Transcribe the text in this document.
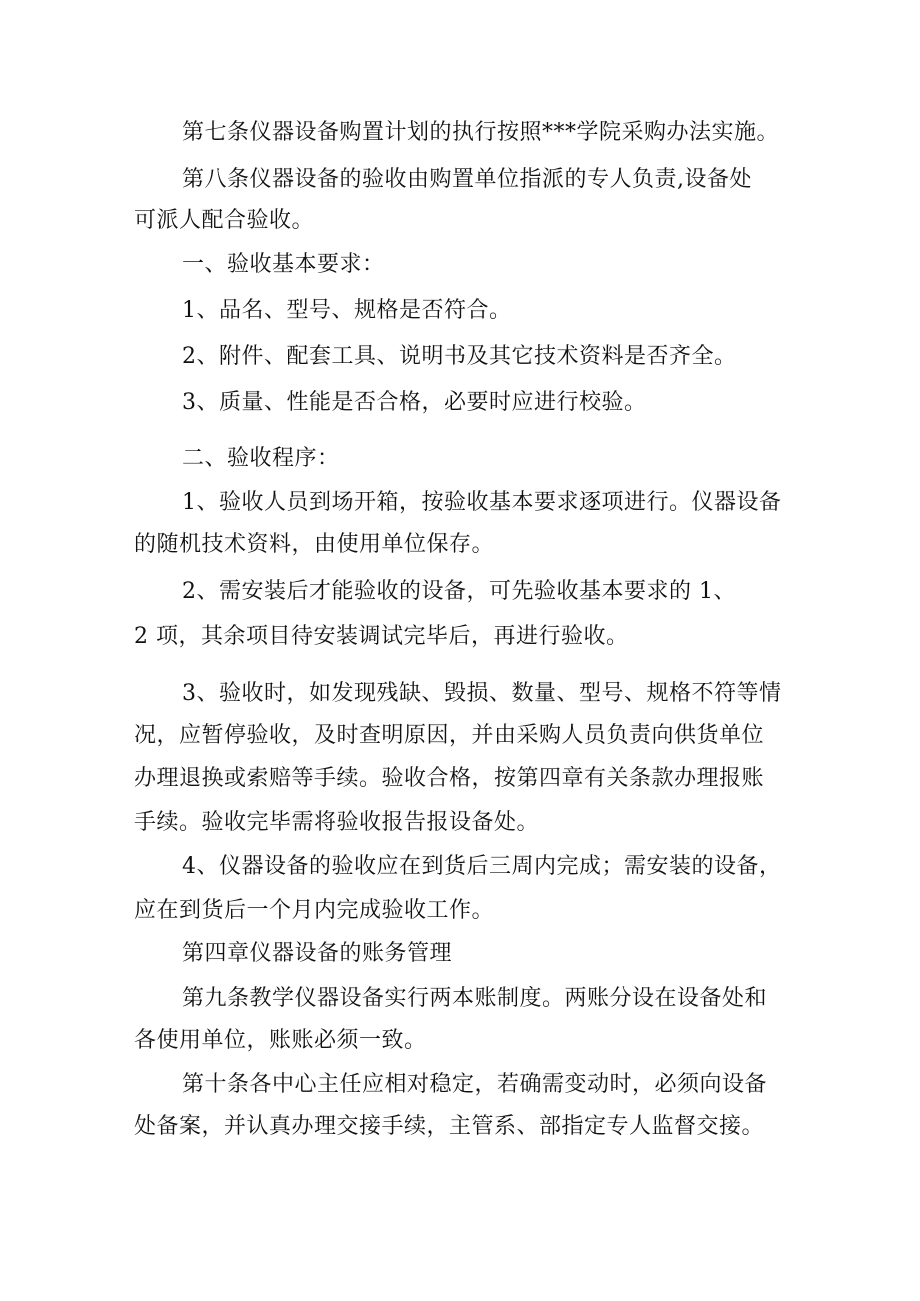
第七条仪器设备购置计划的执行按照***学院采购办法实施。
第八条仪器设备的验收由购置单位指派的专人负责,设备处
可派人配合验收。
一、验收基本要求：
1、品名、型号、规格是否符合。
2、附件、配套工具、说明书及其它技术资料是否齐全。
3、质量、性能是否合格，必要时应进行校验。
二、验收程序：
1、验收人员到场开箱，按验收基本要求逐项进行。仪器设备
的随机技术资料，由使用单位保存。
2、需安装后才能验收的设备，可先验收基本要求的 1、
2 项，其余项目待安装调试完毕后，再进行验收。
3、验收时，如发现残缺、毁损、数量、型号、规格不符等情
况，应暂停验收，及时查明原因，并由采购人员负责向供货单位
办理退换或索赔等手续。验收合格，按第四章有关条款办理报账
手续。验收完毕需将验收报告报设备处。
4、仪器设备的验收应在到货后三周内完成；需安装的设备，
应在到货后一个月内完成验收工作。
第四章仪器设备的账务管理
第九条教学仪器设备实行两本账制度。两账分设在设备处和
各使用单位，账账必须一致。
第十条各中心主任应相对稳定，若确需变动时，必须向设备
处备案，并认真办理交接手续，主管系、部指定专人监督交接。
